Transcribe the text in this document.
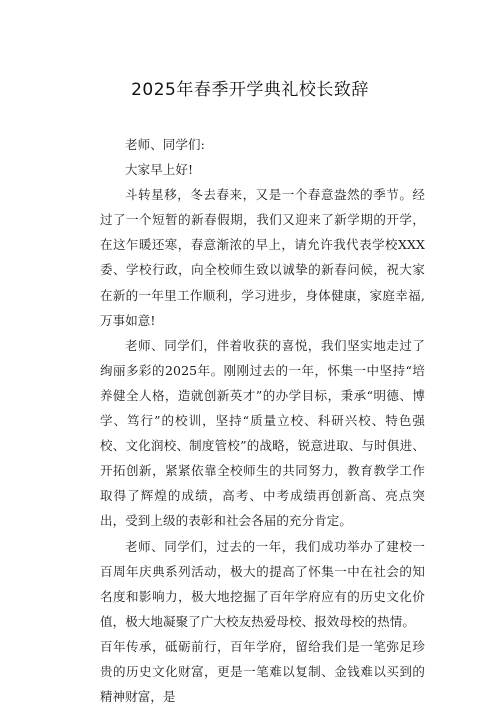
2025年春季开学典礼校长致辞

老师、同学们:

大家早上好!

斗转星移，冬去春来，又是一个春意盎然的季节。经过了一个短暂的新春假期，我们又迎来了新学期的开学，在这乍暖还寒，春意渐浓的早上，请允许我代表学校XXX委、学校行政，向全校师生致以诚挚的新春问候，祝大家在新的一年里工作顺利，学习进步，身体健康，家庭幸福,万事如意!

老师、同学们，伴着收获的喜悦，我们坚实地走过了绚丽多彩的2025年。刚刚过去的一年，怀集一中坚持“培养健全人格，造就创新英才”的办学目标，秉承“明德、博学、笃行”的校训，坚持“质量立校、科研兴校、特色强校、文化润校、制度管校”的战略，锐意进取、与时俱进、开拓创新，紧紧依靠全校师生的共同努力，教育教学工作取得了辉煌的成绩，高考、中考成绩再创新高、亮点突出，受到上级的表彰和社会各届的充分肯定。

老师、同学们，过去的一年，我们成功举办了建校一百周年庆典系列活动，极大的提高了怀集一中在社会的知名度和影响力，极大地挖掘了百年学府应有的历史文化价值，极大地凝聚了广大校友热爱母校、报效母校的热情。

百年传承，砥砺前行，百年学府，留给我们是一笔弥足珍贵的历史文化财富，更是一笔难以复制、金钱难以买到的精神财富，是
